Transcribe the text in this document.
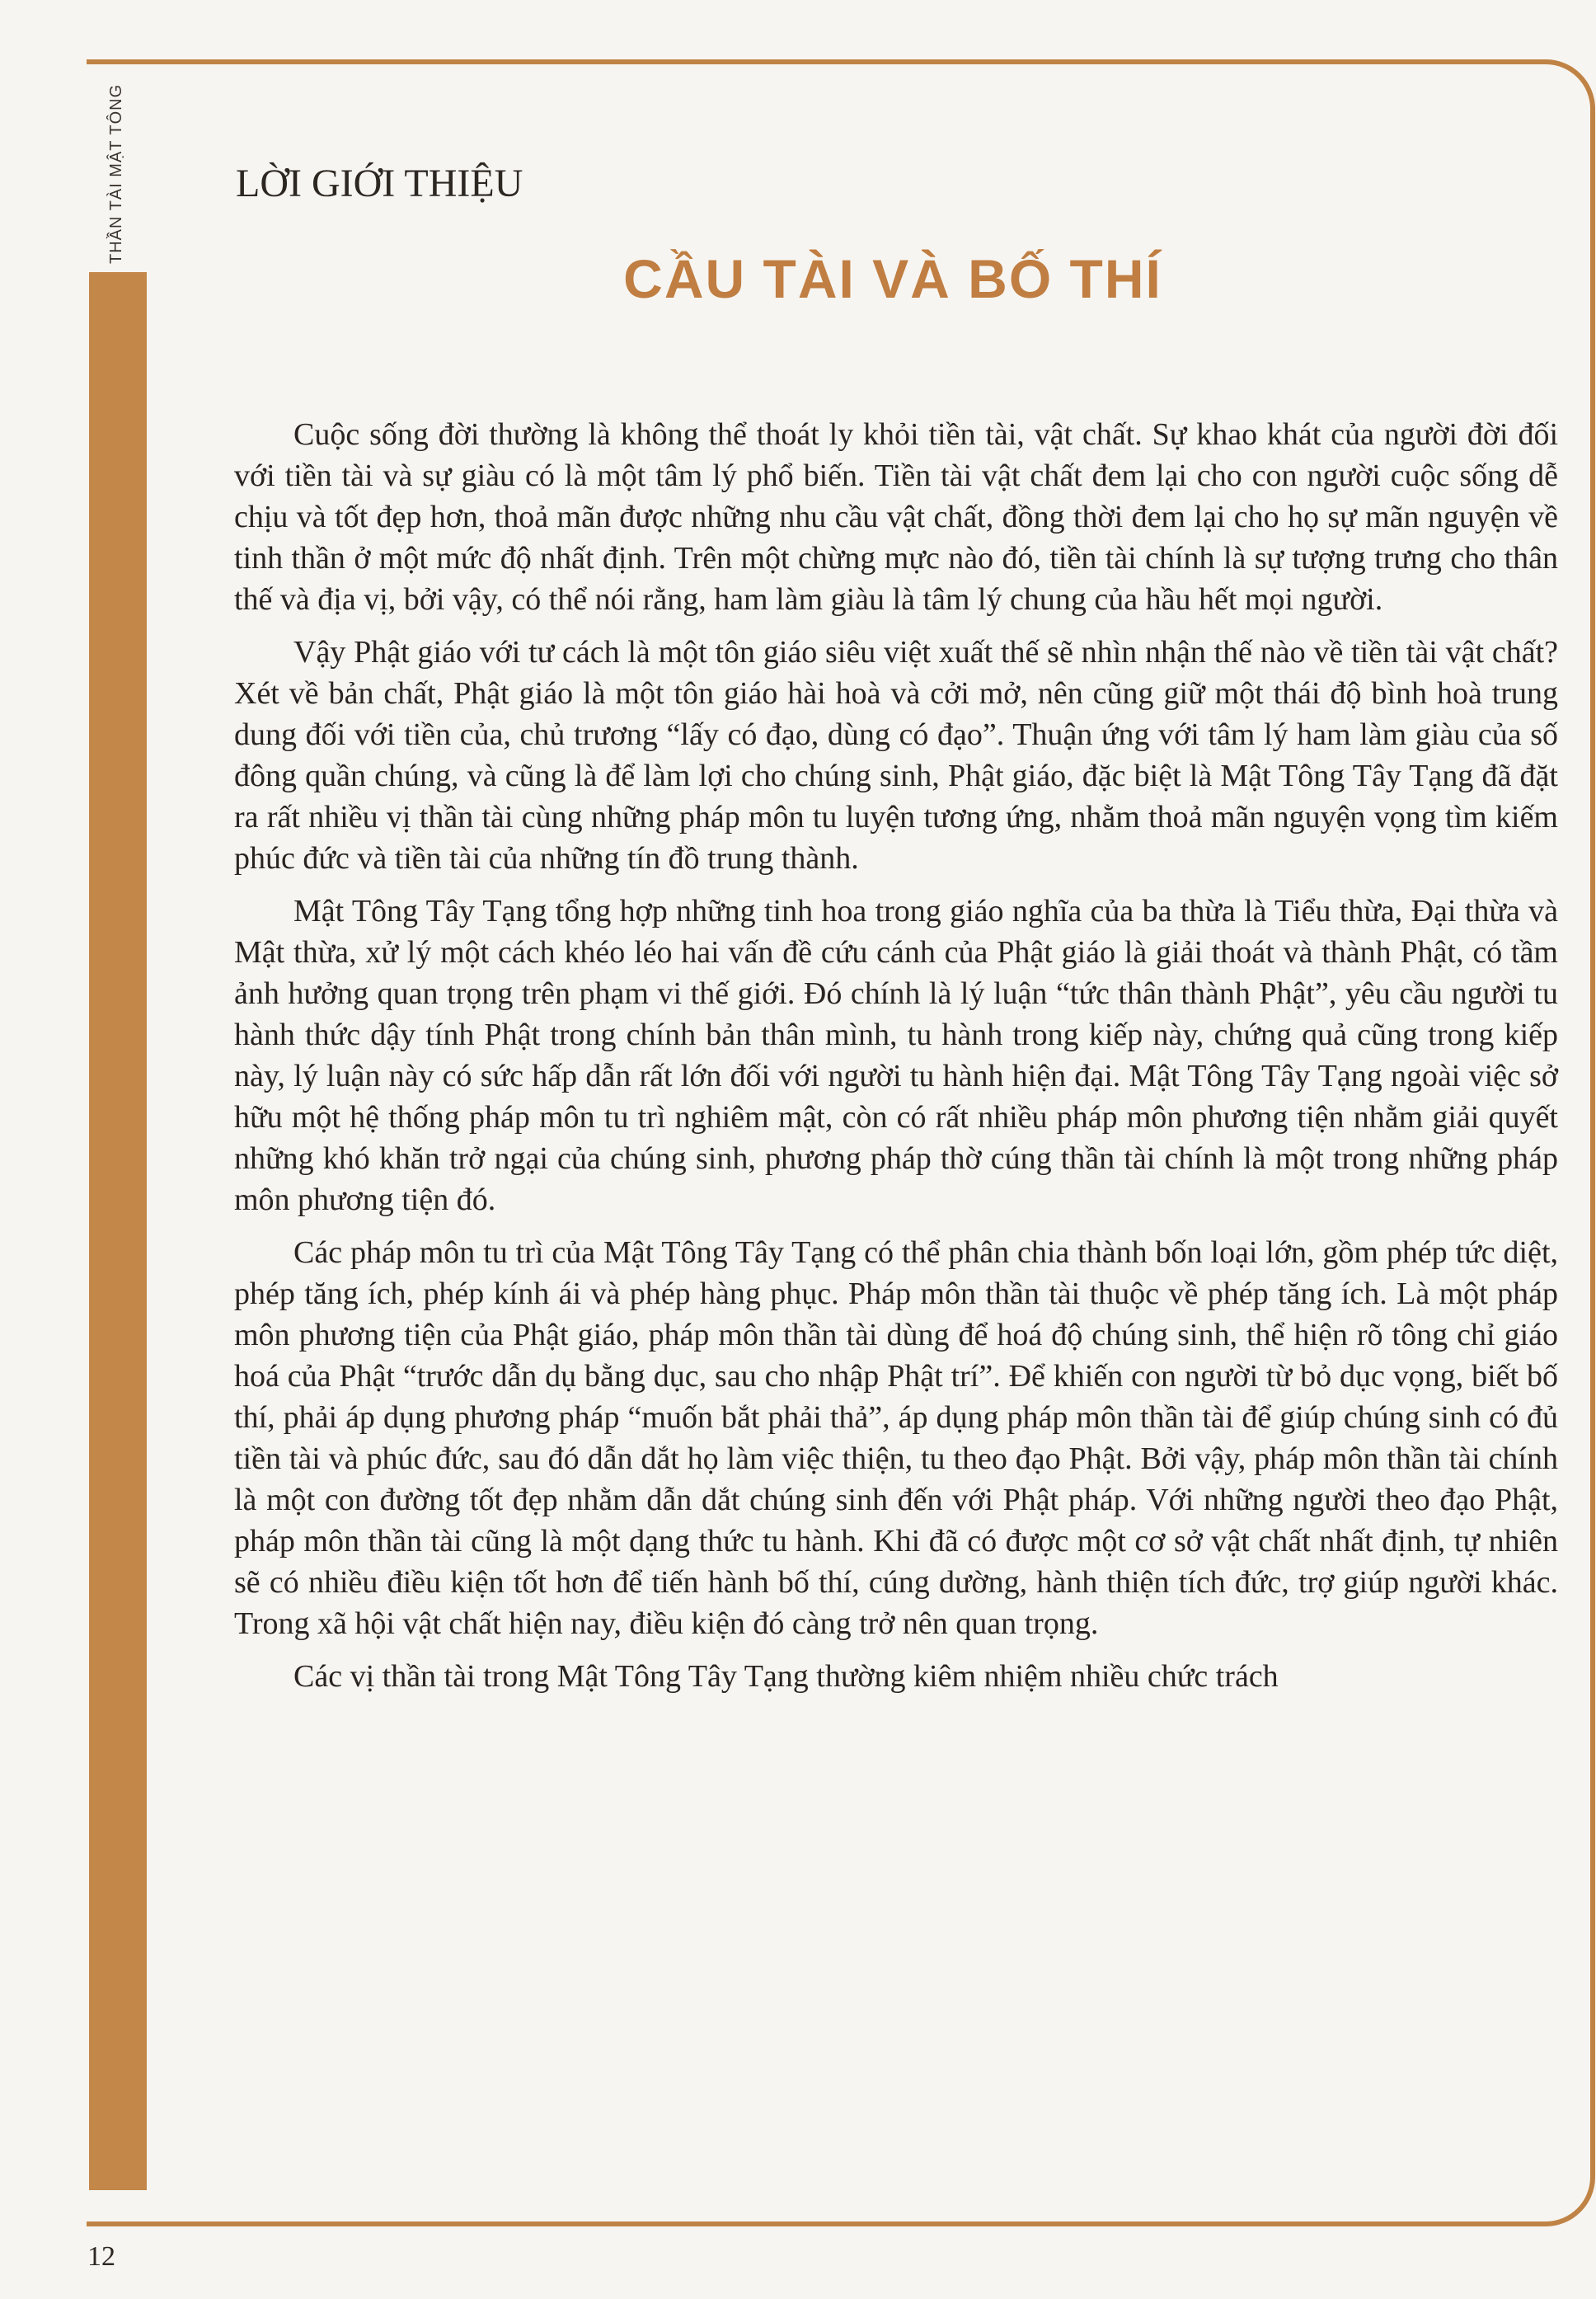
THẦN TÀI MẬT TÔNG	LỜI GIỚI THIỆU
CẦU TÀI VÀ BỐ THÍ

Cuộc sống đời thường là không thể thoát ly khỏi tiền tài, vật chất. Sự khao khát của người đời đối với tiền tài và sự giàu có là một tâm lý phổ biến. Tiền tài vật chất đem lại cho con người cuộc sống dễ chịu và tốt đẹp hơn, thoả mãn được những nhu cầu vật chất, đồng thời đem lại cho họ sự mãn nguyện về tinh thần ở một mức độ nhất định. Trên một chừng mực nào đó, tiền tài chính là sự tượng trưng cho thân thế và địa vị, bởi vậy, có thể nói rằng, ham làm giàu là tâm lý chung của hầu hết mọi người.

Vậy Phật giáo với tư cách là một tôn giáo siêu việt xuất thế sẽ nhìn nhận thế nào về tiền tài vật chất? Xét về bản chất, Phật giáo là một tôn giáo hài hoà và cởi mở, nên cũng giữ một thái độ bình hoà trung dung đối với tiền của, chủ trương “lấy có đạo, dùng có đạo”. Thuận ứng với tâm lý ham làm giàu của số đông quần chúng, và cũng là để làm lợi cho chúng sinh, Phật giáo, đặc biệt là Mật Tông Tây Tạng đã đặt ra rất nhiều vị thần tài cùng những pháp môn tu luyện tương ứng, nhằm thoả mãn nguyện vọng tìm kiếm phúc đức và tiền tài của những tín đồ trung thành.

Mật Tông Tây Tạng tổng hợp những tinh hoa trong giáo nghĩa của ba thừa là Tiểu thừa, Đại thừa và Mật thừa, xử lý một cách khéo léo hai vấn đề cứu cánh của Phật giáo là giải thoát và thành Phật, có tầm ảnh hưởng quan trọng trên phạm vi thế giới. Đó chính là lý luận “tức thân thành Phật”, yêu cầu người tu hành thức dậy tính Phật trong chính bản thân mình, tu hành trong kiếp này, chứng quả cũng trong kiếp này, lý luận này có sức hấp dẫn rất lớn đối với người tu hành hiện đại. Mật Tông Tây Tạng ngoài việc sở hữu một hệ thống pháp môn tu trì nghiêm mật, còn có rất nhiều pháp môn phương tiện nhằm giải quyết những khó khăn trở ngại của chúng sinh, phương pháp thờ cúng thần tài chính là một trong những pháp môn phương tiện đó.

Các pháp môn tu trì của Mật Tông Tây Tạng có thể phân chia thành bốn loại lớn, gồm phép tức diệt, phép tăng ích, phép kính ái và phép hàng phục. Pháp môn thần tài thuộc về phép tăng ích. Là một pháp môn phương tiện của Phật giáo, pháp môn thần tài dùng để hoá độ chúng sinh, thể hiện rõ tông chỉ giáo hoá của Phật “trước dẫn dụ bằng dục, sau cho nhập Phật trí”. Để khiến con người từ bỏ dục vọng, biết bố thí, phải áp dụng phương pháp “muốn bắt phải thả”, áp dụng pháp môn thần tài để giúp chúng sinh có đủ tiền tài và phúc đức, sau đó dẫn dắt họ làm việc thiện, tu theo đạo Phật. Bởi vậy, pháp môn thần tài chính là một con đường tốt đẹp nhằm dẫn dắt chúng sinh đến với Phật pháp. Với những người theo đạo Phật, pháp môn thần tài cũng là một dạng thức tu hành. Khi đã có được một cơ sở vật chất nhất định, tự nhiên sẽ có nhiều điều kiện tốt hơn để tiến hành bố thí, cúng dường, hành thiện tích đức, trợ giúp người khác. Trong xã hội vật chất hiện nay, điều kiện đó càng trở nên quan trọng.

Các vị thần tài trong Mật Tông Tây Tạng thường kiêm nhiệm nhiều chức trách

12
